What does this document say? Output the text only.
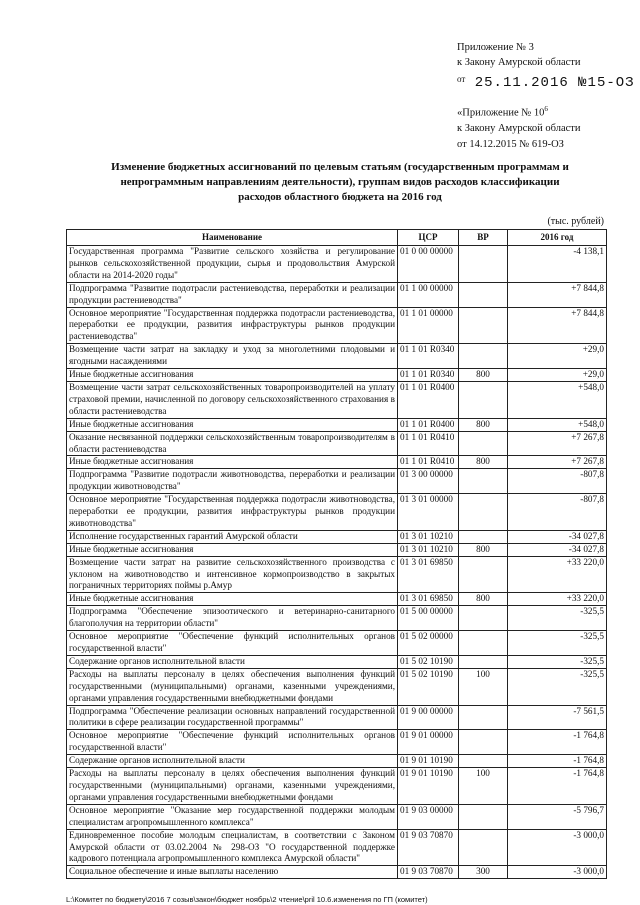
Приложение № 3
к Закону Амурской области
$^{от}$ 25.11.2016 №15-ОЗ
«Приложение № $10^6$
к Закону Амурской области
от 14.12.2015 № 619-ОЗ
Изменение бюджетных ассигнований по целевым статьям (государственным программам и непрограммным направлениям деятельности), группам видов расходов классификации расходов областного бюджета на 2016 год
(тыс. рублей)
Наименование	ЦСР	ВР	2016 год
Государственная программа "Развитие сельского хозяйства и регулирование рынков сельскохозяйственной продукции, сырья и продовольствия Амурской области на 2014-2020 годы"	01 0 00 00000		-4 138,1
Подпрограмма "Развитие подотрасли растениеводства, переработки и реализации продукции растениеводства"	01 1 00 00000		+7 844,8
Основное мероприятие "Государственная поддержка подотрасли растениеводства, переработки ее продукции, развития инфраструктуры рынков продукции растениеводства"	01 1 01 00000		+7 844,8
Возмещение части затрат на закладку и уход за многолетними плодовыми и ягодными насаждениями	01 1 01 R0340		+29,0
Иные бюджетные ассигнования	01 1 01 R0340	800	+29,0
Возмещение части затрат сельскохозяйственных товаропроизводителей на уплату страховой премии, начисленной по договору сельскохозяйственного страхования в области растениеводства	01 1 01 R0400		+548,0
Иные бюджетные ассигнования	01 1 01 R0400	800	+548,0
Оказание несвязанной поддержки сельскохозяйственным товаропроизводителям в области растениеводства	01 1 01 R0410		+7 267,8
Иные бюджетные ассигнования	01 1 01 R0410	800	+7 267,8
Подпрограмма "Развитие подотрасли животноводства, переработки и реализации продукции животноводства"	01 3 00 00000		-807,8
Основное мероприятие "Государственная поддержка подотрасли животноводства, переработки ее продукции, развития инфраструктуры рынков продукции животноводства"	01 3 01 00000		-807,8
Исполнение государственных гарантий Амурской области	01 3 01 10210		-34 027,8
Иные бюджетные ассигнования	01 3 01 10210	800	-34 027,8
Возмещение части затрат на развитие сельскохозяйственного производства с уклоном на животноводство и интенсивное кормопроизводство в закрытых пограничных территориях поймы р.Амур	01 3 01 69850		+33 220,0
Иные бюджетные ассигнования	01 3 01 69850	800	+33 220,0
Подпрограмма "Обеспечение эпизоотического и ветеринарно-санитарного благополучия на территории области"	01 5 00 00000		-325,5
Основное мероприятие "Обеспечение функций исполнительных органов государственной власти"	01 5 02 00000		-325,5
Содержание органов исполнительной власти	01 5 02 10190		-325,5
Расходы на выплаты персоналу в целях обеспечения выполнения функций государственными (муниципальными) органами, казенными учреждениями, органами управления государственными внебюджетными фондами	01 5 02 10190	100	-325,5
Подпрограмма "Обеспечение реализации основных направлений государственной политики в сфере реализации государственной программы"	01 9 00 00000		-7 561,5
Основное мероприятие "Обеспечение функций исполнительных органов государственной власти"	01 9 01 00000		-1 764,8
Содержание органов исполнительной власти	01 9 01 10190		-1 764,8
Расходы на выплаты персоналу в целях обеспечения выполнения функций государственными (муниципальными) органами, казенными учреждениями, органами управления государственными внебюджетными фондами	01 9 01 10190	100	-1 764,8
Основное мероприятие "Оказание мер государственной поддержки молодым специалистам агропромышленного комплекса"	01 9 03 00000		-5 796,7
Единовременное пособие молодым специалистам, в соответствии с Законом Амурской области от 03.02.2004 № 298-ОЗ "О государственной поддержке кадрового потенциала агропромышленного комплекса Амурской области"	01 9 03 70870		-3 000,0
Социальное обеспечение и иные выплаты населению	01 9 03 70870	300	-3 000,0
L:\Комитет по бюджету\2016 7 созыв\закон\бюджет ноябрь\2 чтение\pril 10.6.изменения по ГП (комитет)
